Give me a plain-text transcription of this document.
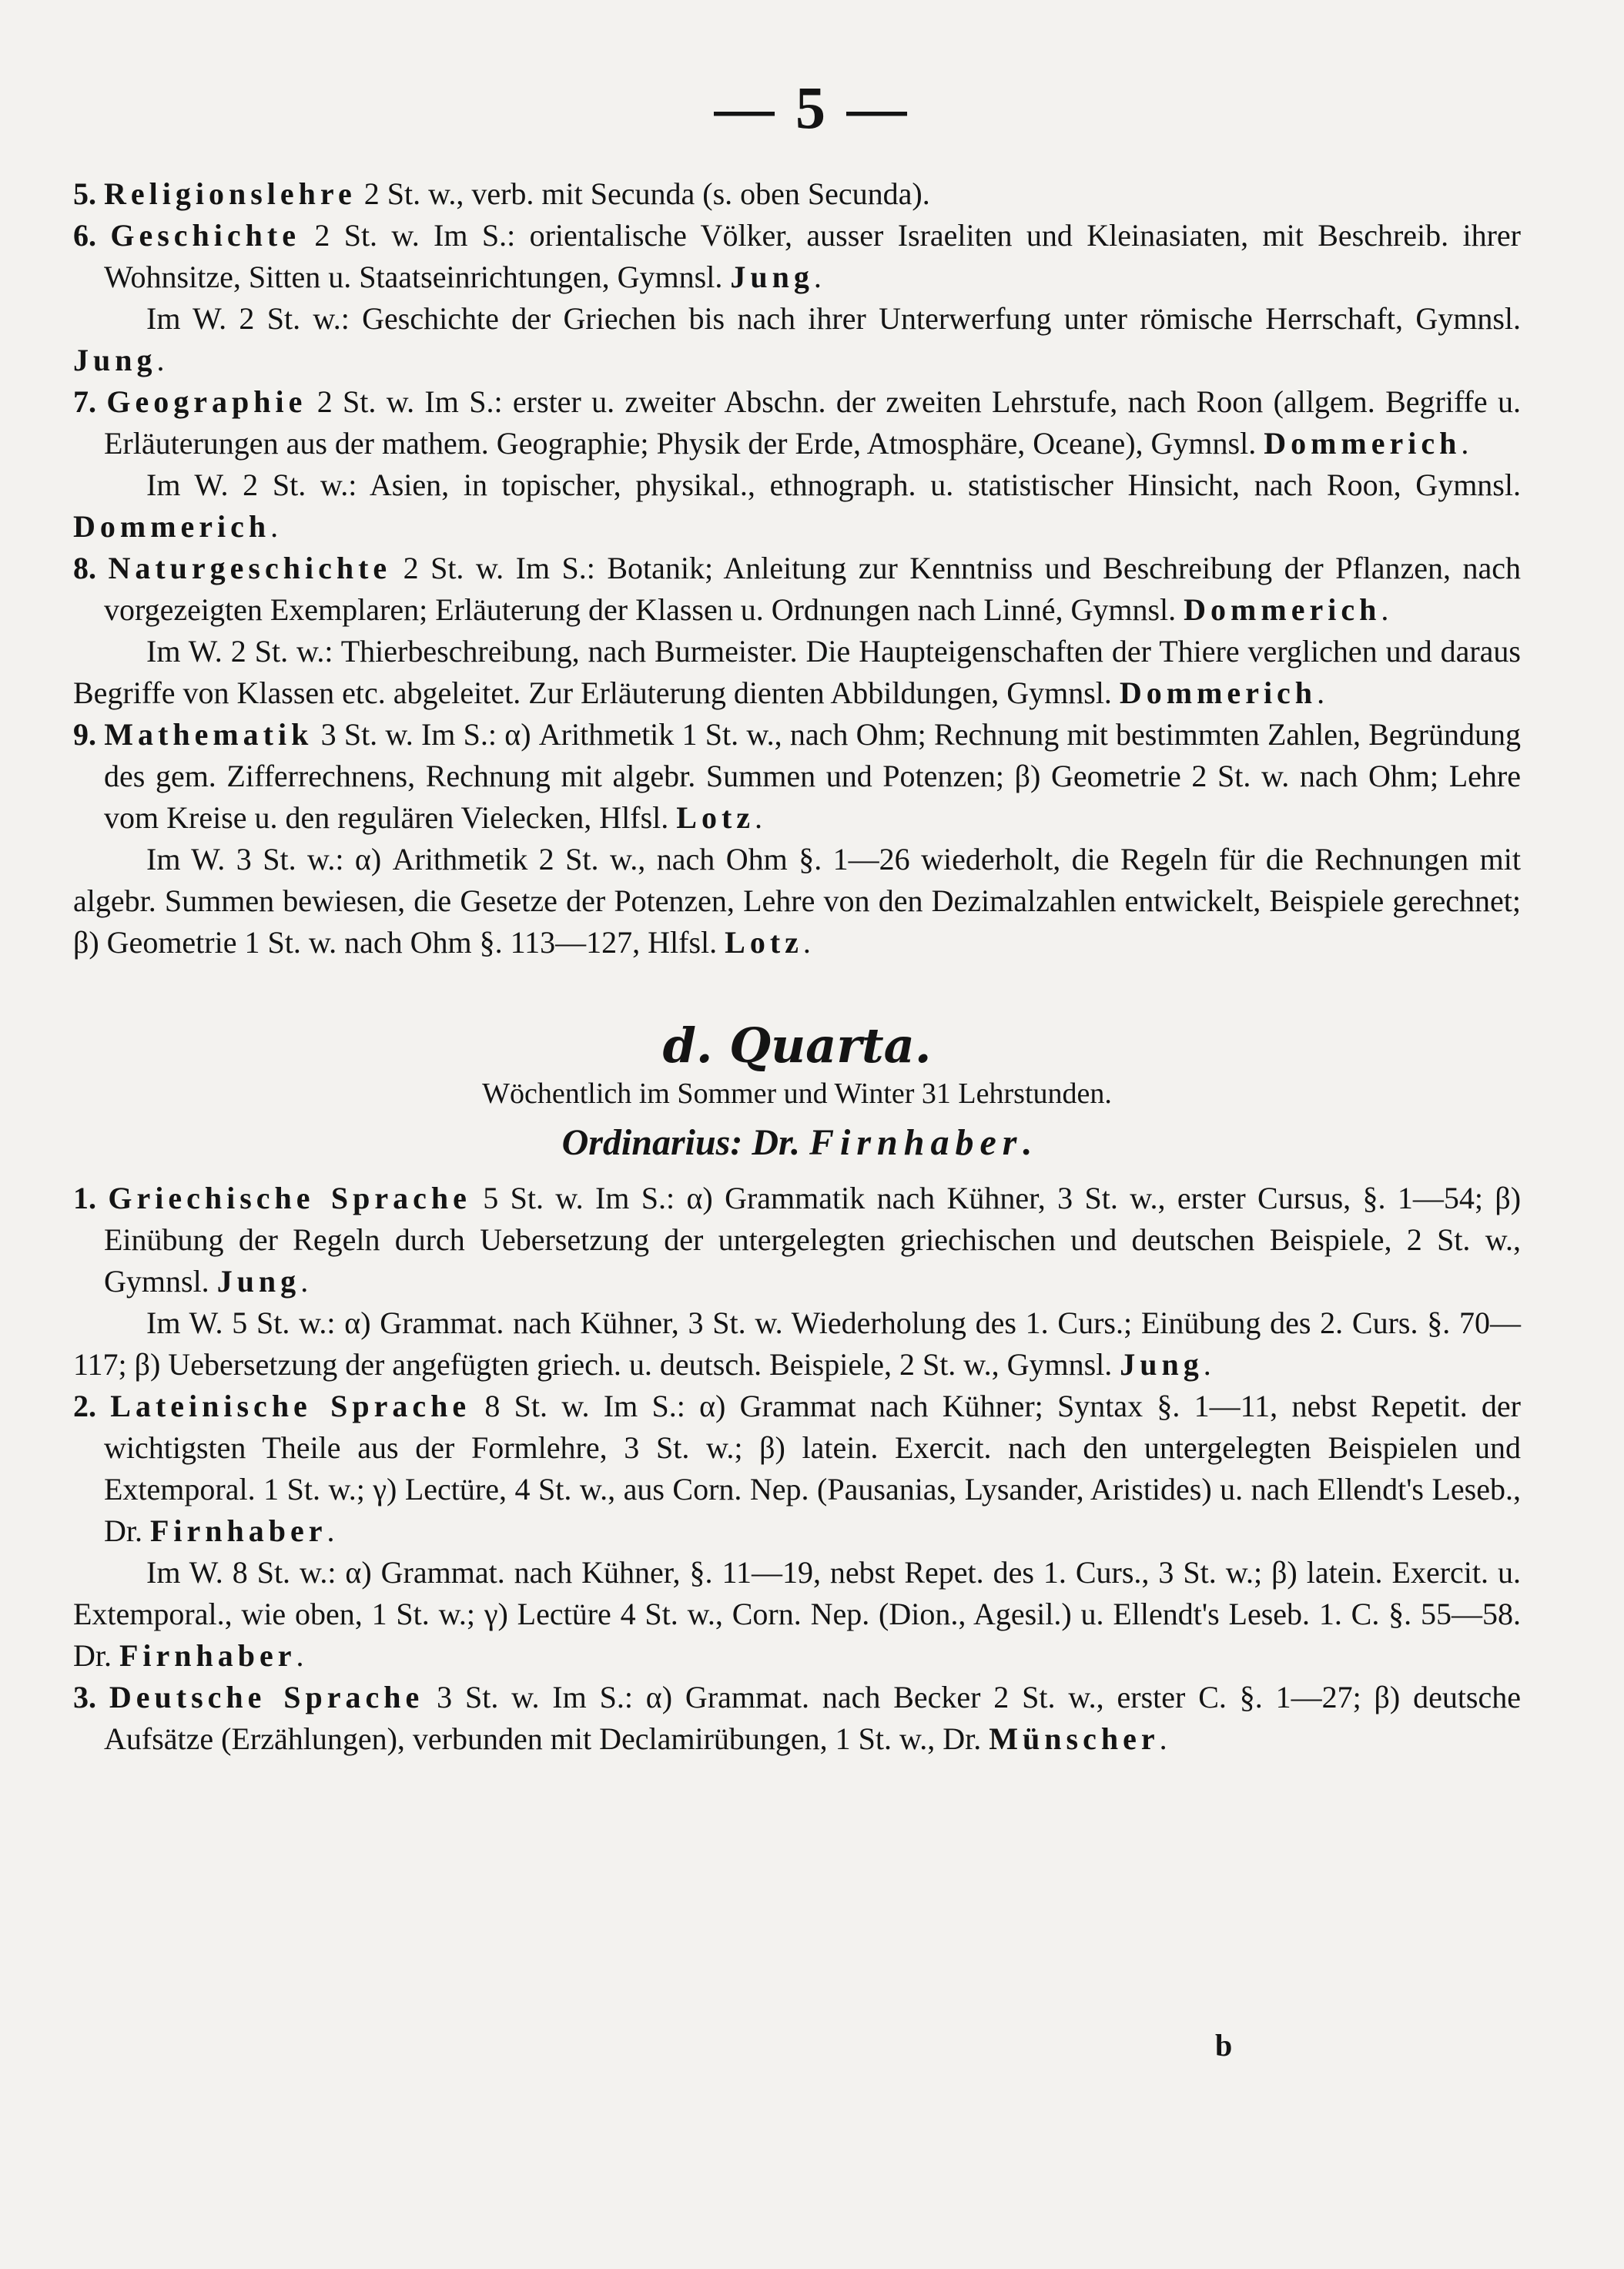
— 5 —

5. Religionslehre 2 St. w., verb. mit Secunda (s. oben Secunda).

6. Geschichte 2 St. w. Im S.: orientalische Völker, ausser Israeliten und Kleinasiaten, mit Beschreib. ihrer Wohnsitze, Sitten u. Staatseinrichtungen, Gymnsl. Jung.

Im W. 2 St. w.: Geschichte der Griechen bis nach ihrer Unterwerfung unter römische Herrschaft, Gymnsl. Jung.

7. Geographie 2 St. w. Im S.: erster u. zweiter Abschn. der zweiten Lehrstufe, nach Roon (allgem. Begriffe u. Erläuterungen aus der mathem. Geographie; Physik der Erde, Atmosphäre, Oceane), Gymnsl. Dommerich.

Im W. 2 St. w.: Asien, in topischer, physikal., ethnograph. u. statistischer Hinsicht, nach Roon, Gymnsl. Dommerich.

8. Naturgeschichte 2 St. w. Im S.: Botanik; Anleitung zur Kenntniss und Beschreibung der Pflanzen, nach vorgezeigten Exemplaren; Erläuterung der Klassen u. Ordnungen nach Linné, Gymnsl. Dommerich.

Im W. 2 St. w.: Thierbeschreibung, nach Burmeister. Die Haupteigenschaften der Thiere verglichen und daraus Begriffe von Klassen etc. abgeleitet. Zur Erläuterung dienten Abbildungen, Gymnsl. Dommerich.

9. Mathematik 3 St. w. Im S.: α) Arithmetik 1 St. w., nach Ohm; Rechnung mit bestimmten Zahlen, Begründung des gem. Zifferrechnens, Rechnung mit algebr. Summen und Potenzen; β) Geometrie 2 St. w. nach Ohm; Lehre vom Kreise u. den regulären Vielecken, Hlfsl. Lotz.

Im W. 3 St. w.: α) Arithmetik 2 St. w., nach Ohm §. 1—26 wiederholt, die Regeln für die Rechnungen mit algebr. Summen bewiesen, die Gesetze der Potenzen, Lehre von den Dezimalzahlen entwickelt, Beispiele gerechnet; β) Geometrie 1 St. w. nach Ohm §. 113—127, Hlfsl. Lotz.

d. Quarta.
Wöchentlich im Sommer und Winter 31 Lehrstunden.
Ordinarius: Dr. Firnhaber.

1. Griechische Sprache 5 St. w. Im S.: α) Grammatik nach Kühner, 3 St. w., erster Cursus, §. 1—54; β) Einübung der Regeln durch Uebersetzung der untergelegten griechischen und deutschen Beispiele, 2 St. w., Gymnsl. Jung.

Im W. 5 St. w.: α) Grammat. nach Kühner, 3 St. w. Wiederholung des 1. Curs.; Einübung des 2. Curs. §. 70—117; β) Uebersetzung der angefügten griech. u. deutsch. Beispiele, 2 St. w., Gymnsl. Jung.

2. Lateinische Sprache 8 St. w. Im S.: α) Grammat nach Kühner; Syntax §. 1—11, nebst Repetit. der wichtigsten Theile aus der Formlehre, 3 St. w.; β) latein. Exercit. nach den untergelegten Beispielen und Extemporal. 1 St. w.; γ) Lectüre, 4 St. w., aus Corn. Nep. (Pausanias, Lysander, Aristides) u. nach Ellendt's Leseb., Dr. Firnhaber.

Im W. 8 St. w.: α) Grammat. nach Kühner, §. 11—19, nebst Repet. des 1. Curs., 3 St. w.; β) latein. Exercit. u. Extemporal., wie oben, 1 St. w.; γ) Lectüre 4 St. w., Corn. Nep. (Dion., Agesil.) u. Ellendt's Leseb. 1. C. §. 55—58. Dr. Firnhaber.

3. Deutsche Sprache 3 St. w. Im S.: α) Grammat. nach Becker 2 St. w., erster C. §. 1—27; β) deutsche Aufsätze (Erzählungen), verbunden mit Declamirübungen, 1 St. w., Dr. Münscher.

b
